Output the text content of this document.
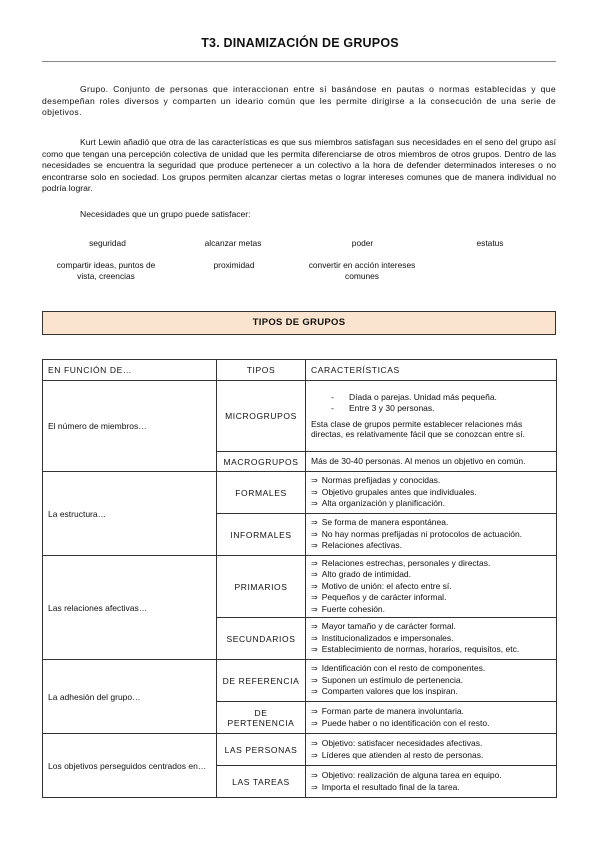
T3. DINAMIZACIÓN DE GRUPOS
Grupo. Conjunto de personas que interaccionan entre sí basándose en pautas o normas establecidas y que desempeñan roles diversos y comparten un ideario común que les permite dirigirse a la consecución de una serie de objetivos.
Kurt Lewin añadió que otra de las características es que sus miembros satisfagan sus necesidades en el seno del grupo así como que tengan una percepción colectiva de unidad que les permita diferenciarse de otros miembros de otros grupos. Dentro de las necesidades se encuentra la seguridad que produce pertenecer a un colectivo a la hora de defender determinados intereses o no encontrarse solo en sociedad. Los grupos permiten alcanzar ciertas metas o lograr intereses comunes que de manera individual no podría lograr.
Necesidades que un grupo puede satisfacer:
seguridad	alcanzar metas	poder	estatus
compartir ideas, puntos de vista, creencias
proximidad	convertir en acción intereses comunes
TIPOS DE GRUPOS
EN FUNCIÓN DE…	TIPOS	CARACTERÍSTICAS
El número de miembros…	MICROGRUPOS	- Díada o parejas. Unidad más pequeña.
- Entre 3 y 30 personas.
Esta clase de grupos permite establecer relaciones más directas, es relativamente fácil que se conozcan entre sí.

	MACROGRUPOS	Más de 30-40 personas. Al menos un objetivo en común.
La estructura…	FORMALES	⇒ Normas prefijadas y conocidas.
⇒ Objetivo grupales antes que individuales.
⇒ Alta organización y planificación.

	INFORMALES	⇒ Se forma de manera espontánea.
⇒ No hay normas prefijadas ni protocolos de actuación.
⇒ Relaciones afectivas.

Las relaciones afectivas…	PRIMARIOS	⇒ Relaciones estrechas, personales y directas.
⇒ Alto grado de intimidad.
⇒ Motivo de unión: el afecto entre sí.
⇒ Pequeños y de carácter informal.
⇒ Fuerte cohesión.

	SECUNDARIOS	⇒ Mayor tamaño y de carácter formal.
⇒ Institucionalizados e impersonales.
⇒ Establecimiento de normas, horarios, requisitos, etc.

La adhesión del grupo…	DE REFERENCIA	⇒ Identificación con el resto de componentes.
⇒ Suponen un estímulo de pertenencia.
⇒ Comparten valores que los inspiran.

	DE PERTENENCIA	⇒ Forman parte de manera involuntaria.
⇒ Puede haber o no identificación con el resto.

Los objetivos perseguidos centrados en…	LAS PERSONAS	⇒ Objetivo: satisfacer necesidades afectivas.
⇒ Líderes que atienden al resto de personas.

	LAS TAREAS	⇒ Objetivo: realización de alguna tarea en equipo.
⇒ Importa el resultado final de la tarea.
